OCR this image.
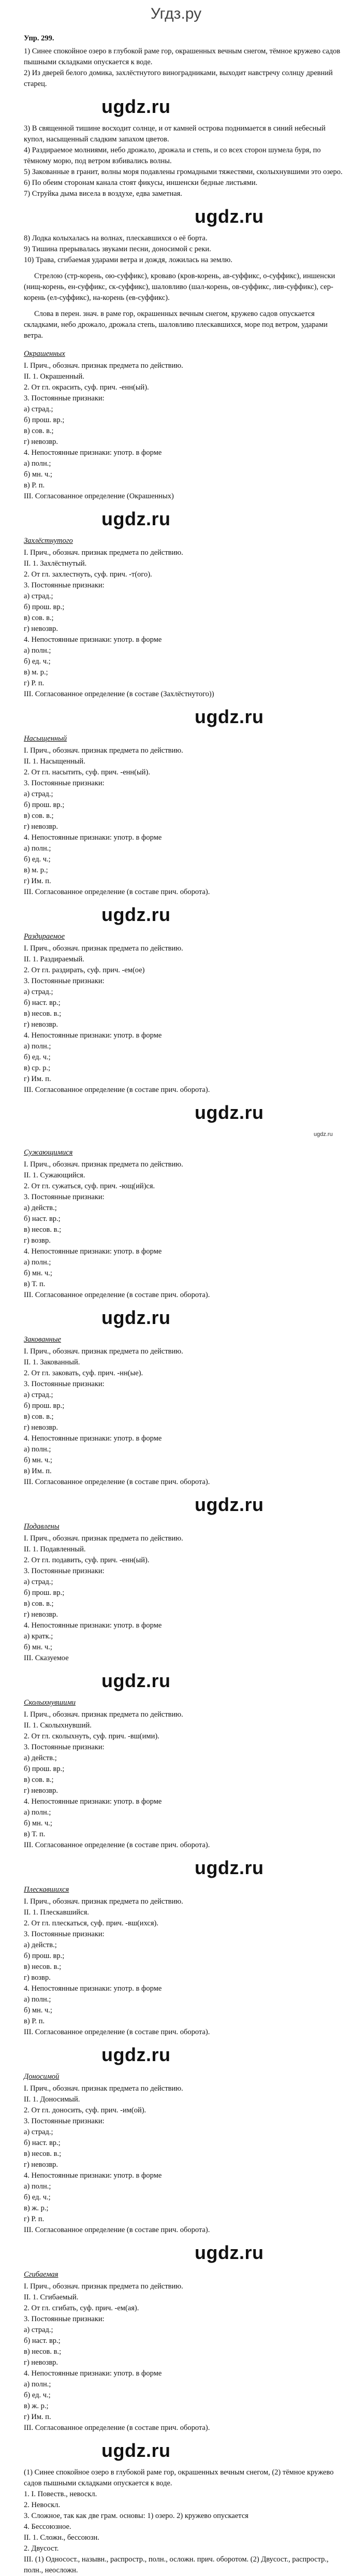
Угдз.ру
Упр. 299.

1) Синее спокойное озеро в глубокой раме гор, окрашенных вечным снегом, тёмное кружево садов пышными складками опускается к воде.

2) Из дверей белого домика, захлёстнутого виноградниками, выходит навстречу солнцу древний старец.

ugdz.ru

3) В священной тишине восходит солнце, и от камней острова поднимается в синий небесный купол, насыщенный сладким запахом цветов.

4) Раздираемое молниями, небо дрожало, дрожала и степь, и со всех сторон шумела буря, по тёмному морю, под ветром взбивались волны.

5) Закованные в гранит, волны моря подавлены громадными тяжестями, сколыхнувшими это озеро.

6) По обеим сторонам канала стоят фикусы, иншенски бедные листьями.

7) Струйка дыма висела в воздухе, едва заметная.

ugdz.ru

8) Лодка колыхалась на волнах, плескавшихся о её борта.

9) Тишина прерывалась звуками песни, доносимой с реки.

10) Трава, сгибаемая ударами ветра и дождя, ложилась на землю.

Стрелою (стр-корень, ою-суффикс), кроваво (кров-корень, ав-суффикс, о-суффикс), иншенски (нищ-корень, ен-суффикс, ск-суффикс), шаловливо (шал-корень, ов-суффикс, лив-суффикс), сер-корень (ел-суффикс), на-корень (ев-суффикс).

Слова в перен. знач. в раме гор, окрашенных вечным снегом, кружево садов опускается складками, небо дрожало, дрожала степь, шаловливо плескавшихся, море под ветром, ударами ветра.

Окрашенных

I. Прич., обознач. признак предмета по действию.

II. 1. Окрашенный.

2. От гл. окрасить, суф. прич. -енн(ый).

3. Постоянные признаки:

а) страд.;

б) прош. вр.;

в) сов. в.;

г) невозвр.

4. Непостоянные признаки: употр. в форме

а) полн.;

б) мн. ч.;

в) Р. п.

III. Согласованное определение (Окрашенных)

ugdz.ru
Захлёстнутого

I. Прич., обознач. признак предмета по действию.

II. 1. Захлёстнутый.

2. От гл. захлестнуть, суф. прич. -т(ого).

3. Постоянные признаки:

а) страд.;

б) прош. вр.;

в) сов. в.;

г) невозвр.

4. Непостоянные признаки: употр. в форме

а) полн.;

б) ед. ч.;

в) м. р.;

г) Р. п.

III. Согласованное определение (в составе (Захлёстнутого))

ugdz.ru
Насыщенный

I. Прич., обознач. признак предмета по действию.

II. 1. Насыщенный.

2. От гл. насытить, суф. прич. -енн(ый).

3. Постоянные признаки:

а) страд.;

б) прош. вр.;

в) сов. в.;

г) невозвр.

4. Непостоянные признаки: употр. в форме

а) полн.;

б) ед. ч.;

в) м. р.;

г) Им. п.

III. Согласованное определение (в составе прич. оборота).

ugdz.ru
Раздираемое

I. Прич., обознач. признак предмета по действию.

II. 1. Раздираемый.

2. От гл. раздирать, суф. прич. -ем(ое)

3. Постоянные признаки:

а) страд.;

б) наст. вр.;

в) несов. в.;

г) невозвр.

4. Непостоянные признаки: употр. в форме

а) полн.;

б) ед. ч.;

в) ср. р.;

г) Им. п.

III. Согласованное определение (в составе прич. оборота).

ugdz.ru
ugdz.ru
Сужающимися

I. Прич., обознач. признак предмета по действию.

II. 1. Сужающийся.

2. От гл. сужаться, суф. прич. -ющ(ий)ся.

3. Постоянные признаки:

а) действ.;

б) наст. вр.;

в) несов. в.;

г) возвр.

4. Непостоянные признаки: употр. в форме

а) полн.;

б) мн. ч.;

в) Т. п.

III. Согласованное определение (в составе прич. оборота).

ugdz.ru
Закованные

I. Прич., обознач. признак предмета по действию.

II. 1. Закованный.

2. От гл. заковать, суф. прич. -нн(ые).

3. Постоянные признаки:

а) страд.;

б) прош. вр.;

в) сов. в.;

г) невозвр.

4. Непостоянные признаки: употр. в форме

а) полн.;

б) мн. ч.;

в) Им. п.

III. Согласованное определение (в составе прич. оборота).

ugdz.ru
Подавлены

I. Прич., обознач. признак предмета по действию.

II. 1. Подавленный.

2. От гл. подавить, суф. прич. -енн(ый).

3. Постоянные признаки:

а) страд.;

б) прош. вр.;

в) сов. в.;

г) невозвр.

4. Непостоянные признаки: употр. в форме

а) кратк.;

б) мн. ч.;

III. Сказуемое

ugdz.ru
Сколыхнувшими

I. Прич., обознач. признак предмета по действию.

II. 1. Сколыхнувший.

2. От гл. сколыхнуть, суф. прич. -вш(ими).

3. Постоянные признаки:

а) действ.;

б) прош. вр.;

в) сов. в.;

г) невозвр.

4. Непостоянные признаки: употр. в форме

а) полн.;

б) мн. ч.;

в) Т. п.

III. Согласованное определение (в составе прич. оборота).

ugdz.ru
Плескавшихся

I. Прич., обознач. признак предмета по действию.

II. 1. Плескавшийся.

2. От гл. плескаться, суф. прич. -вш(ихся).

3. Постоянные признаки:

а) действ.;

б) прош. вр.;

в) несов. в.;

г) возвр.

4. Непостоянные признаки: употр. в форме

а) полн.;

б) мн. ч.;

в) Р. п.

III. Согласованное определение (в составе прич. оборота).

ugdz.ru
Доносимой

I. Прич., обознач. признак предмета по действию.

II. 1. Доносимый.

2. От гл. доносить, суф. прич. -им(ой).

3. Постоянные признаки:

а) страд.;

б) наст. вр.;

в) несов. в.;

г) невозвр.

4. Непостоянные признаки: употр. в форме

а) полн.;

б) ед. ч.;

в) ж. р.;

г) Р. п.

III. Согласованное определение (в составе прич. оборота).

ugdz.ru
Сгибаемая

I. Прич., обознач. признак предмета по действию.

II. 1. Сгибаемый.

2. От гл. сгибать, суф. прич. -ем(ая).

3. Постоянные признаки:

а) страд.;

б) наст. вр.;

в) несов. в.;

г) невозвр.

4. Непостоянные признаки: употр. в форме

а) полн.;

б) ед. ч.;

в) ж. р.;

г) Им. п.

III. Согласованное определение (в составе прич. оборота).

ugdz.ru

(1) Синее спокойное озеро в глубокой раме гор, окрашенных вечным снегом, (2) тёмное кружево садов пышными складками опускается к воде.

1. I. Повеств., невоскл.

2. Невоскл.

3. Сложное, так как две грам. основы: 1) озеро. 2) кружево опускается

4. Бессоюзное.

II. 1. Сложн., бессоюзн.

2. Двусост.

III. (1) Односост., назывн., распростр., полн., осложн. прич. оборотом. (2) Двусост., распростр., полн., неосложн.
